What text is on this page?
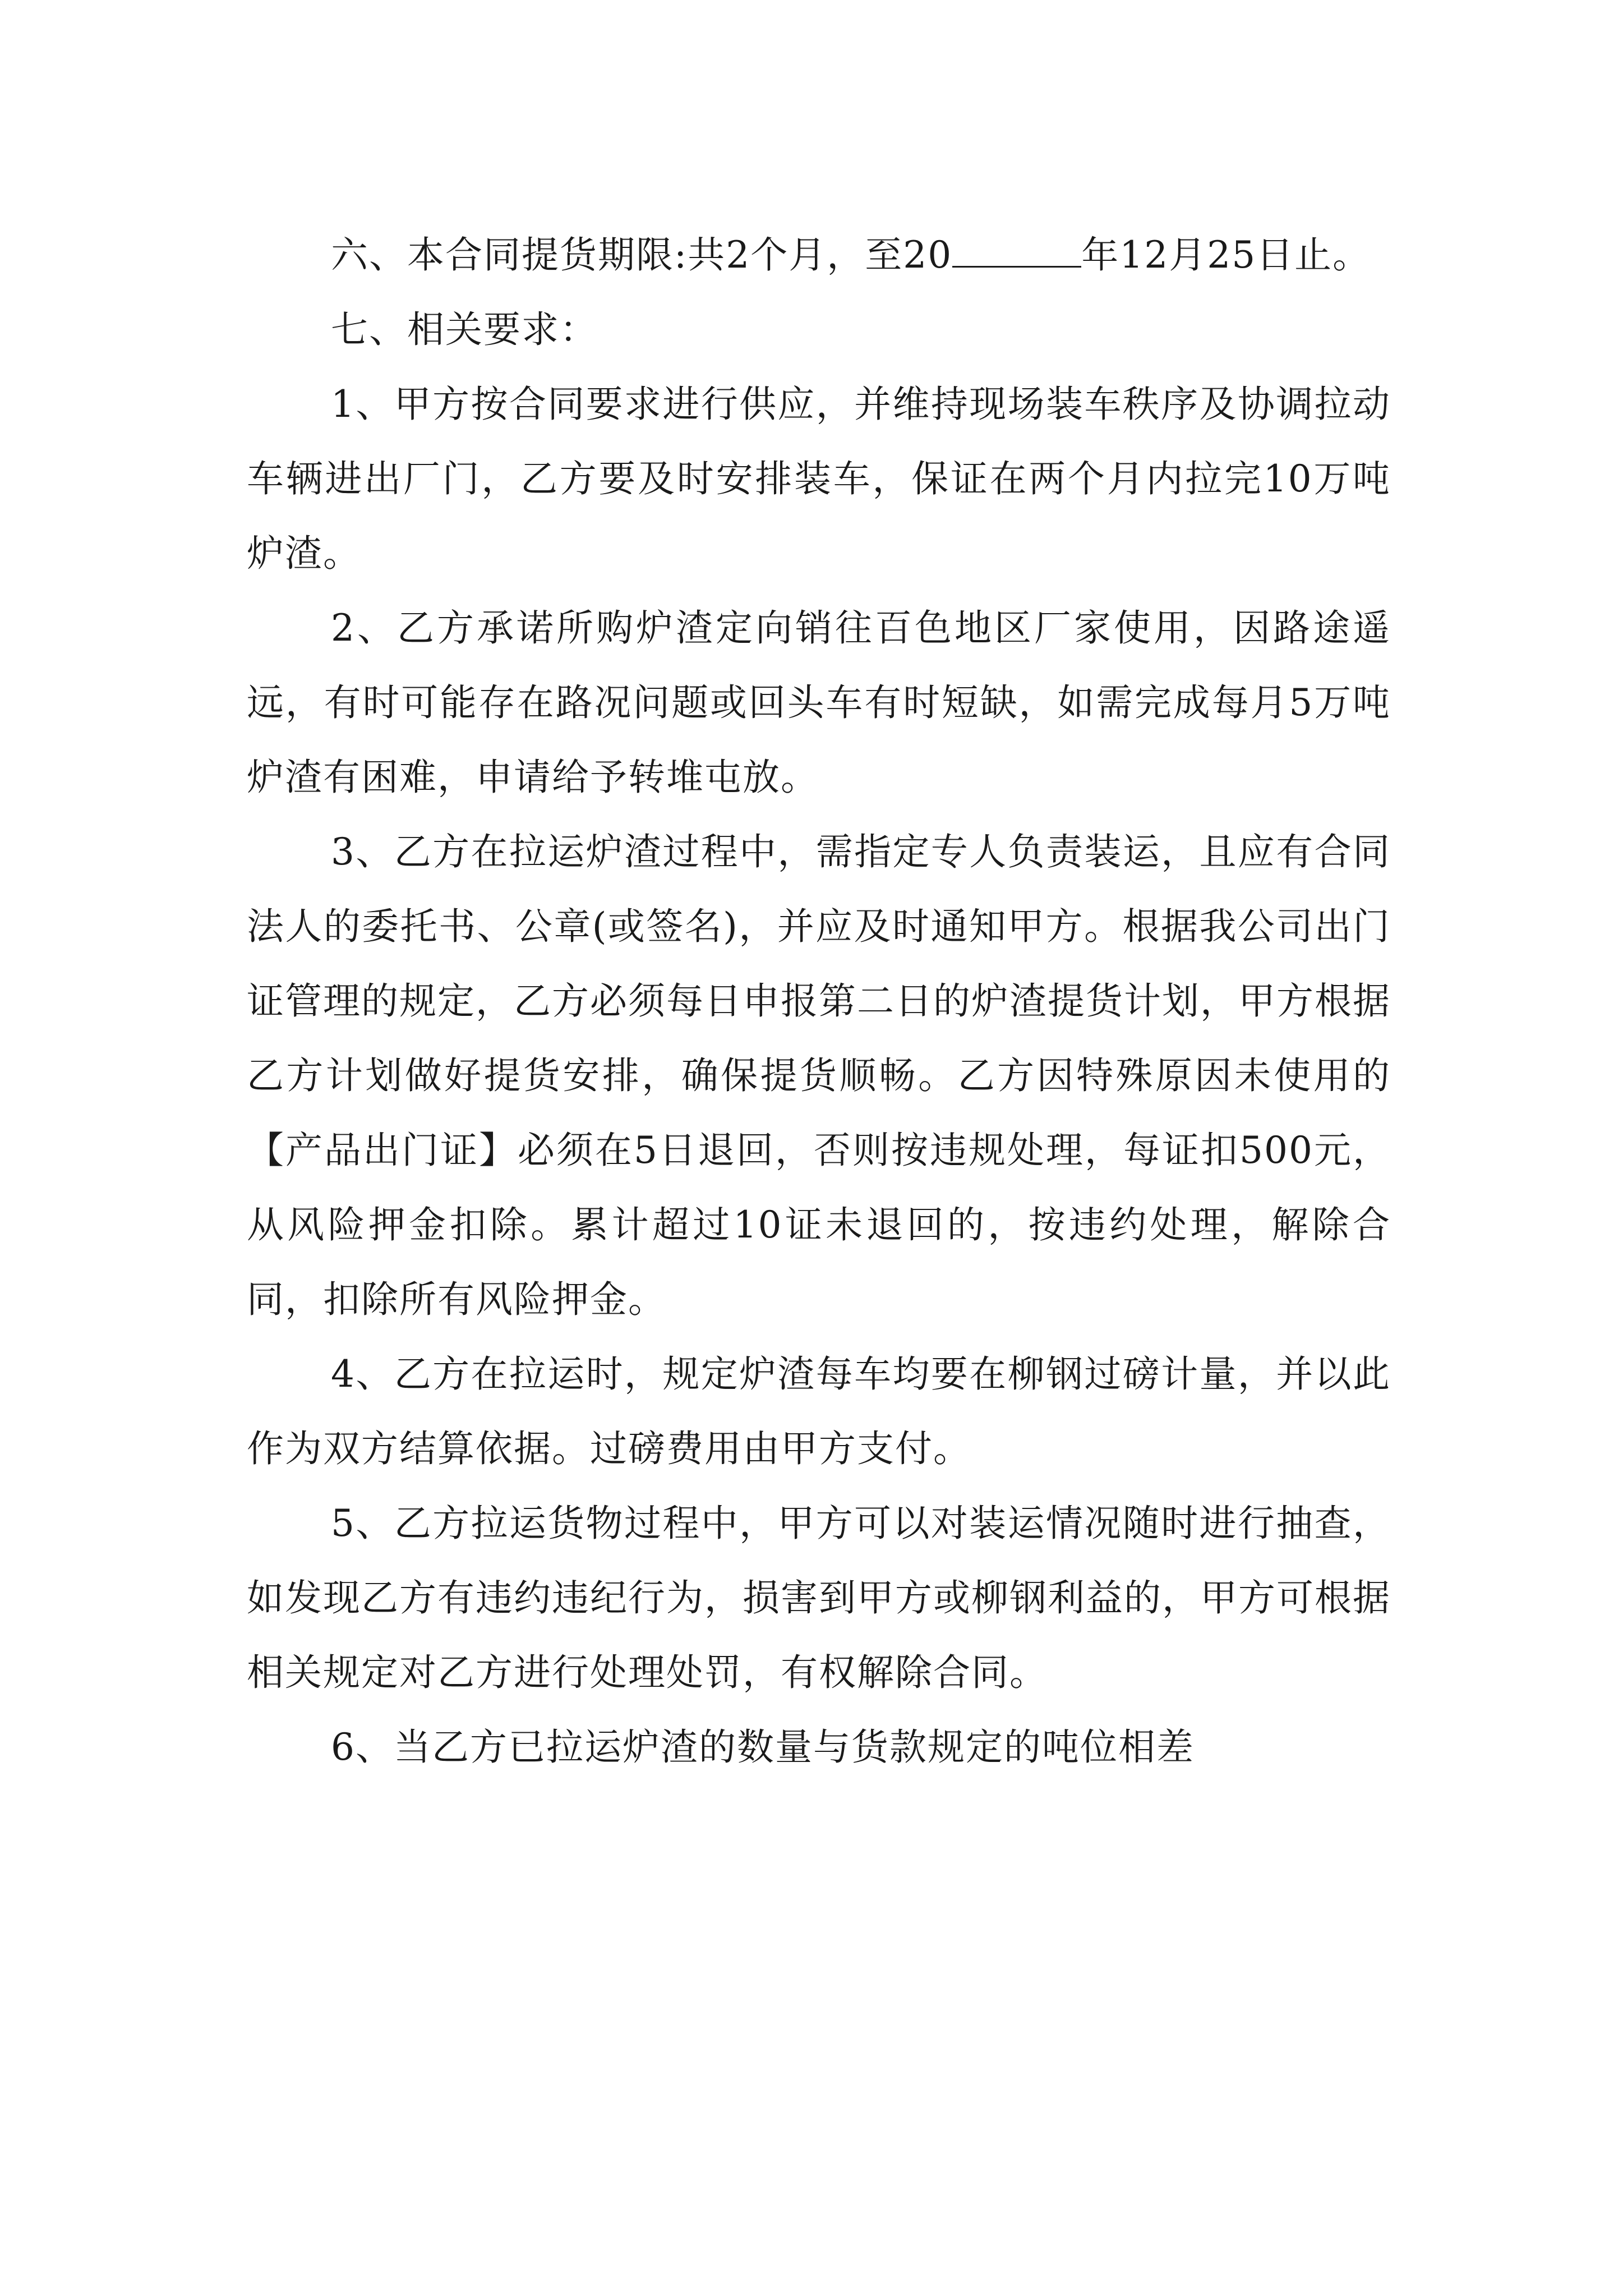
六、本合同提货期限:共2个月，至20	年12月25日止。

七、相关要求：

1、甲方按合同要求进行供应，并维持现场装车秩序及协调拉动 车辆进出厂门，乙方要及时安排装车，保证在两个月内拉完10万吨炉渣。

2、乙方承诺所购炉渣定向销往百色地区厂家使用，因路途遥远，有时可能存在路况问题或回头车有时短缺，如需完成每月5万吨炉渣有困难，申请给予转堆屯放。

3、乙方在拉运炉渣过程中，需指定专人负责装运，且应有合同法人的委托书、公章(或签名)，并应及时通知甲方。根据我公司出门证管理的规定，乙方必须每日申报第二日的炉渣提货计划，甲方根据乙方计划做好提货安排，确保提货顺畅。乙方因特殊原因未使用的 【产品出门证】必须在5日退回，否则按违规处理，每证扣500元，从风险押金扣除。累计超过10证未退回的，按违约处理，解除合同，扣除所有风险押金。

4、乙方在拉运时，规定炉渣每车均要在柳钢过磅计量，并以此作为双方结算依据。过磅费用由甲方支付。

5、乙方拉运货物过程中，甲方可以对装运情况随时进行抽查，如发现乙方有违约违纪行为，损害到甲方或柳钢利益的，甲方可根据相关规定对乙方进行处理处罚，有权解除合同。

6、当乙方已拉运炉渣的数量与货款规定的吨位相差
